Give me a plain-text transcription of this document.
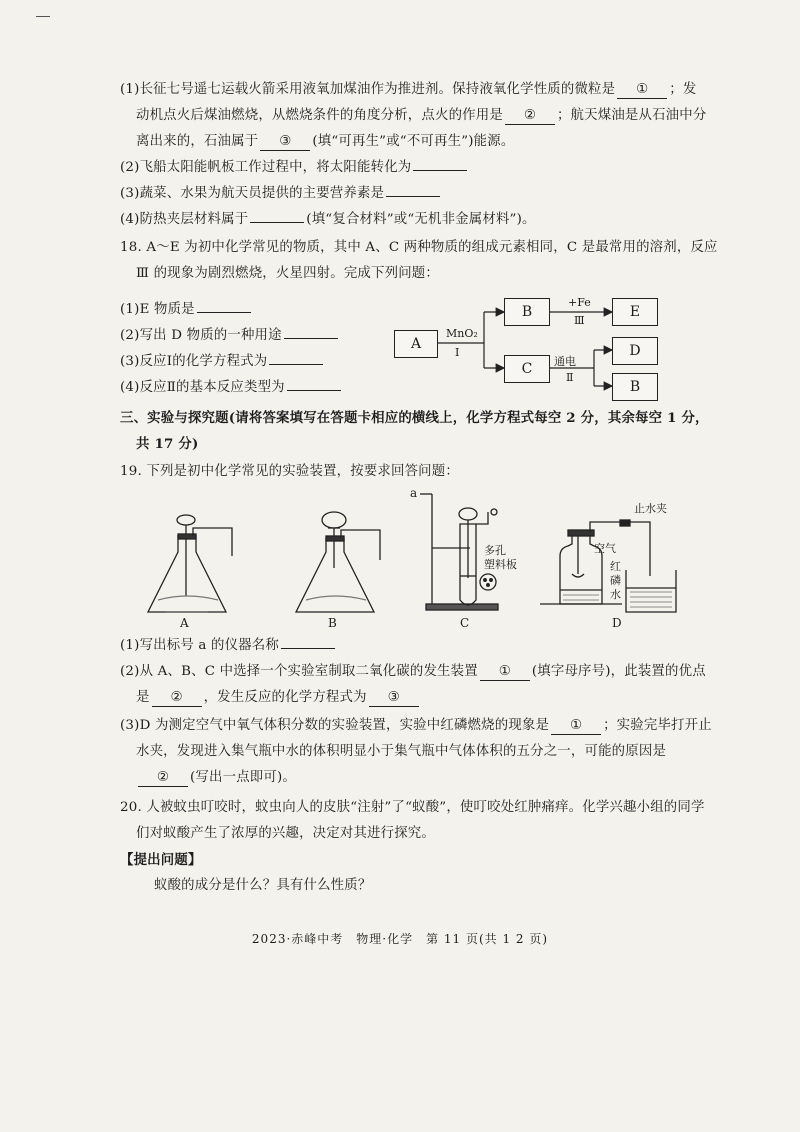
(1)长征七号遥七运载火箭采用液氧加煤油作为推进剂。保持液氧化学性质的微粒是 ① ；发
动机点火后煤油燃烧，从燃烧条件的角度分析，点火的作用是 ② ；航天煤油是从石油中分
离出来的，石油属于 ③ (填“可再生”或“不可再生”)能源。
(2)飞船太阳能帆板工作过程中，将太阳能转化为
(3)蔬菜、水果为航天员提供的主要营养素是
(4)防热夹层材料属于	(填“复合材料”或“无机非金属材料”)。
18. A～E 为初中化学常见的物质，其中 A、C 两种物质的组成元素相同，C 是最常用的溶剂，反应
Ⅲ 的现象为剧烈燃烧，火星四射。完成下列问题：
(1)E 物质是
(2)写出 D 物质的一种用途
(3)反应Ⅰ的化学方程式为
(4)反应Ⅱ的基本反应类型为
A
B	E
C
D
B
MnO₂
Ⅰ
+Fe
Ⅲ
通电
Ⅱ
三、实验与探究题(请将答案填写在答题卡相应的横线上，化学方程式每空 2 分，其余每空 1 分，
共 17 分)
19. 下列是初中化学常见的实验装置，按要求回答问题：
A	B	C	D
a
多孔
塑料板
止水夹
空气
红
磷
水
(1)写出标号 a 的仪器名称
(2)从 A、B、C 中选择一个实验室制取二氧化碳的发生装置 ① (填字母序号)，此装置的优点
是 ② ，发生反应的化学方程式为 ③
(3)D 为测定空气中氧气体积分数的实验装置，实验中红磷燃烧的现象是 ① ；实验完毕打开止
水夹，发现进入集气瓶中水的体积明显小于集气瓶中气体体积的五分之一，可能的原因是
② (写出一点即可)。
20. 人被蚊虫叮咬时，蚊虫向人的皮肤“注射”了“蚁酸”，使叮咬处红肿痛痒。化学兴趣小组的同学
们对蚁酸产生了浓厚的兴趣，决定对其进行探究。
【提出问题】
蚁酸的成分是什么？具有什么性质？
2023·赤峰中考　物理·化学　第 11 页(共 1 2 页)
